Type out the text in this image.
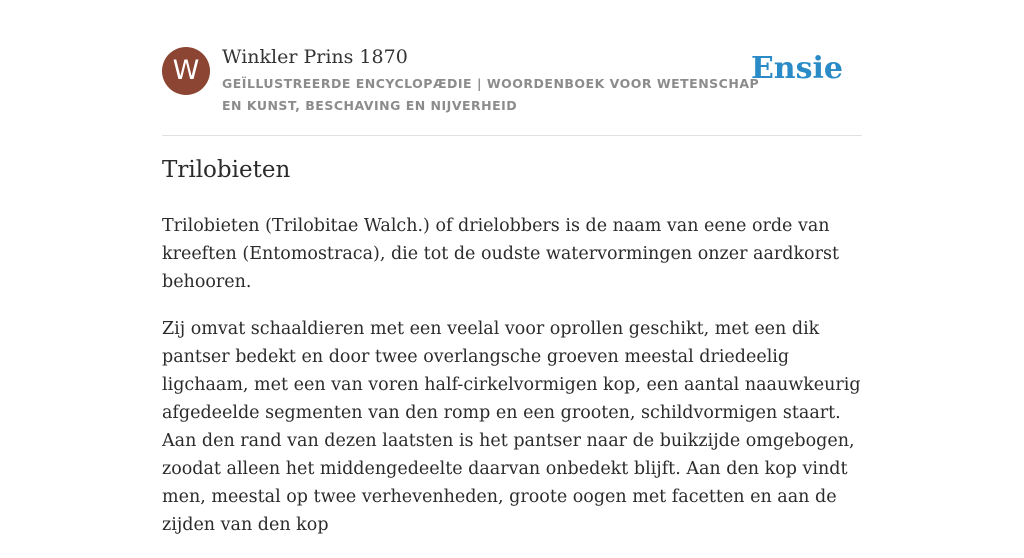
W	Winkler Prins 1870
GEÏLLUSTREERDE ENCYCLOPÆDIE | WOORDENBOEK VOOR WETENSCHAP EN KUNST, BESCHAVING EN NIJVERHEID
Ensie
Trilobieten

Trilobieten (Trilobitae Walch.) of drielobbers is de naam van eene orde van kreeften (Entomostraca), die tot de oudste watervormingen onzer aardkorst behooren.

Zij omvat schaaldieren met een veelal voor oprollen geschikt, met een dik pantser bedekt en door twee overlangsche groeven meestal driedeelig ligchaam, met een van voren half-cirkelvormigen kop, een aantal naauwkeurig afgedeelde segmenten van den romp en een grooten, schildvormigen staart. Aan den rand van dezen laatsten is het pantser naar de buikzijde omgebogen, zoodat alleen het middengedeelte daarvan onbedekt blijft. Aan den kop vindt men, meestal op twee verhevenheden, groote oogen met facetten en aan de zijden van den kop
